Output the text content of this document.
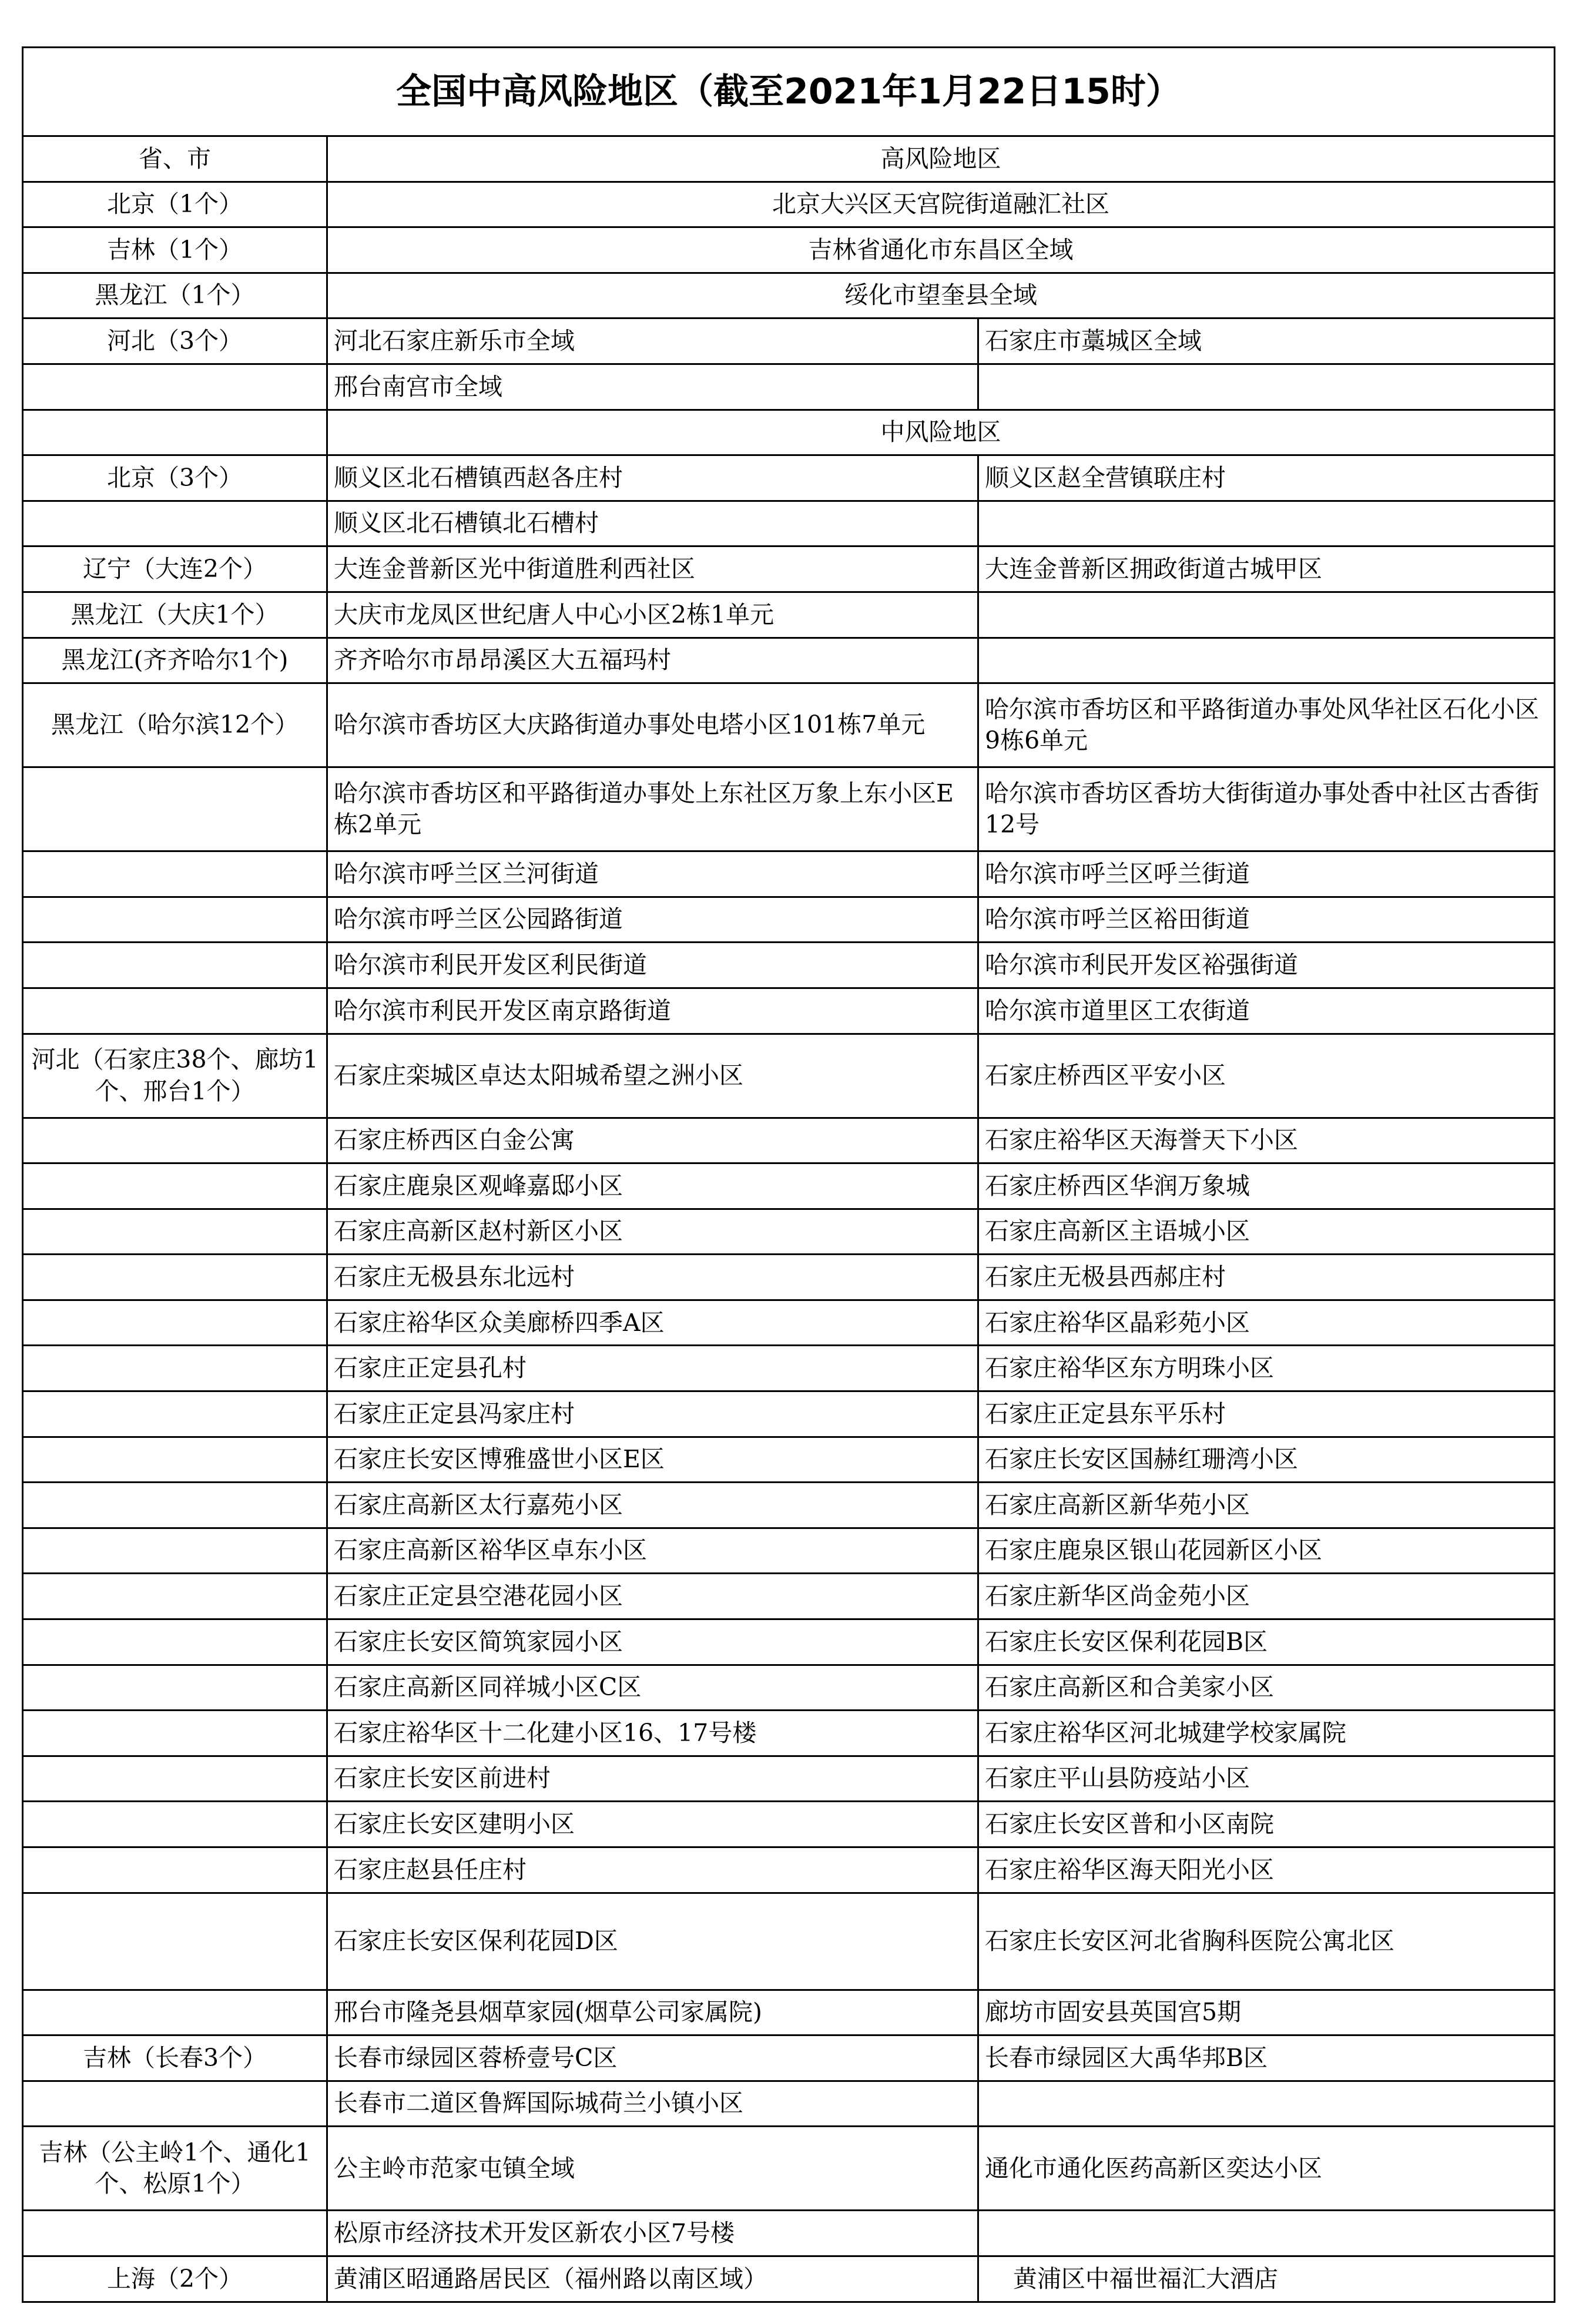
全国中高风险地区（截至2021年1月22日15时）		
省、市	高风险地区	
北京（1个）	北京大兴区天宫院街道融汇社区	
吉林（1个）	吉林省通化市东昌区全域	
黑龙江（1个）	绥化市望奎县全域	
河北（3个）	河北石家庄新乐市全域	石家庄市藁城区全域
	邢台南宫市全域	
	中风险地区	
北京（3个）	顺义区北石槽镇西赵各庄村	顺义区赵全营镇联庄村
	顺义区北石槽镇北石槽村	
辽宁（大连2个）	大连金普新区光中街道胜利西社区	大连金普新区拥政街道古城甲区
黑龙江（大庆1个）	大庆市龙凤区世纪唐人中心小区2栋1单元	
黑龙江(齐齐哈尔1个)	齐齐哈尔市昂昂溪区大五福玛村	
黑龙江（哈尔滨12个）	哈尔滨市香坊区大庆路街道办事处电塔小区101栋7单元	哈尔滨市香坊区和平路街道办事处风华社区石化小区9栋6单元
	哈尔滨市香坊区和平路街道办事处上东社区万象上东小区E栋2单元	哈尔滨市香坊区香坊大街街道办事处香中社区古香街12号
	哈尔滨市呼兰区兰河街道	哈尔滨市呼兰区呼兰街道
	哈尔滨市呼兰区公园路街道	哈尔滨市呼兰区裕田街道
	哈尔滨市利民开发区利民街道	哈尔滨市利民开发区裕强街道
	哈尔滨市利民开发区南京路街道	哈尔滨市道里区工农街道
河北（石家庄38个、廊坊1个、邢台1个）	石家庄栾城区卓达太阳城希望之洲小区	石家庄桥西区平安小区
	石家庄桥西区白金公寓	石家庄裕华区天海誉天下小区
	石家庄鹿泉区观峰嘉邸小区	石家庄桥西区华润万象城
	石家庄高新区赵村新区小区	石家庄高新区主语城小区
	石家庄无极县东北远村	石家庄无极县西郝庄村
	石家庄裕华区众美廊桥四季A区	石家庄裕华区晶彩苑小区
	石家庄正定县孔村	石家庄裕华区东方明珠小区
	石家庄正定县冯家庄村	石家庄正定县东平乐村
	石家庄长安区博雅盛世小区E区	石家庄长安区国赫红珊湾小区
	石家庄高新区太行嘉苑小区	石家庄高新区新华苑小区
	石家庄高新区裕华区卓东小区	石家庄鹿泉区银山花园新区小区
	石家庄正定县空港花园小区	石家庄新华区尚金苑小区
	石家庄长安区简筑家园小区	石家庄长安区保利花园B区
	石家庄高新区同祥城小区C区	石家庄高新区和合美家小区
	石家庄裕华区十二化建小区16、17号楼	石家庄裕华区河北城建学校家属院
	石家庄长安区前进村	石家庄平山县防疫站小区
	石家庄长安区建明小区	石家庄长安区普和小区南院
	石家庄赵县任庄村	石家庄裕华区海天阳光小区
	石家庄长安区保利花园D区	石家庄长安区河北省胸科医院公寓北区
	邢台市隆尧县烟草家园(烟草公司家属院)	廊坊市固安县英国宫5期
吉林（长春3个）	长春市绿园区蓉桥壹号C区	长春市绿园区大禹华邦B区
	长春市二道区鲁辉国际城荷兰小镇小区	
吉林（公主岭1个、通化1个、松原1个）	公主岭市范家屯镇全域	通化市通化医药高新区奕达小区
	松原市经济技术开发区新农小区7号楼	
上海（2个）	黄浦区昭通路居民区（福州路以南区域）	黄浦区中福世福汇大酒店
